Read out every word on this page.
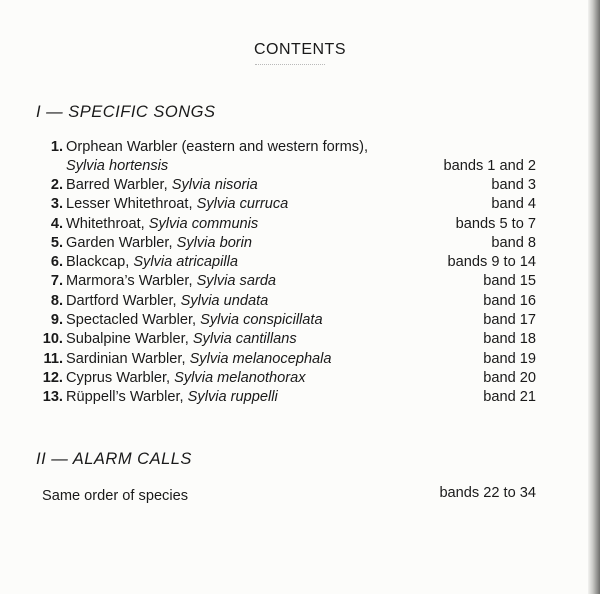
CONTENTS
I — SPECIFIC SONGS
1. Orphean Warbler (eastern and western forms),
Sylvia hortensis	bands 1 and 2
2. Barred Warbler, Sylvia nisoria	band 3
3. Lesser Whitethroat, Sylvia curruca	band 4
4. Whitethroat, Sylvia communis	bands 5 to 7
5. Garden Warbler, Sylvia borin	band 8
6. Blackcap, Sylvia atricapilla	bands 9 to 14
7. Marmora’s Warbler, Sylvia sarda	band 15
8. Dartford Warbler, Sylvia undata	band 16
9. Spectacled Warbler, Sylvia conspicillata	band 17
10. Subalpine Warbler, Sylvia cantillans	band 18
11. Sardinian Warbler, Sylvia melanocephala	band 19
12. Cyprus Warbler, Sylvia melanothorax	band 20
13. Rüppell’s Warbler, Sylvia ruppelli	band 21
II — ALARM CALLS
Same order of species	bands 22 to 34
